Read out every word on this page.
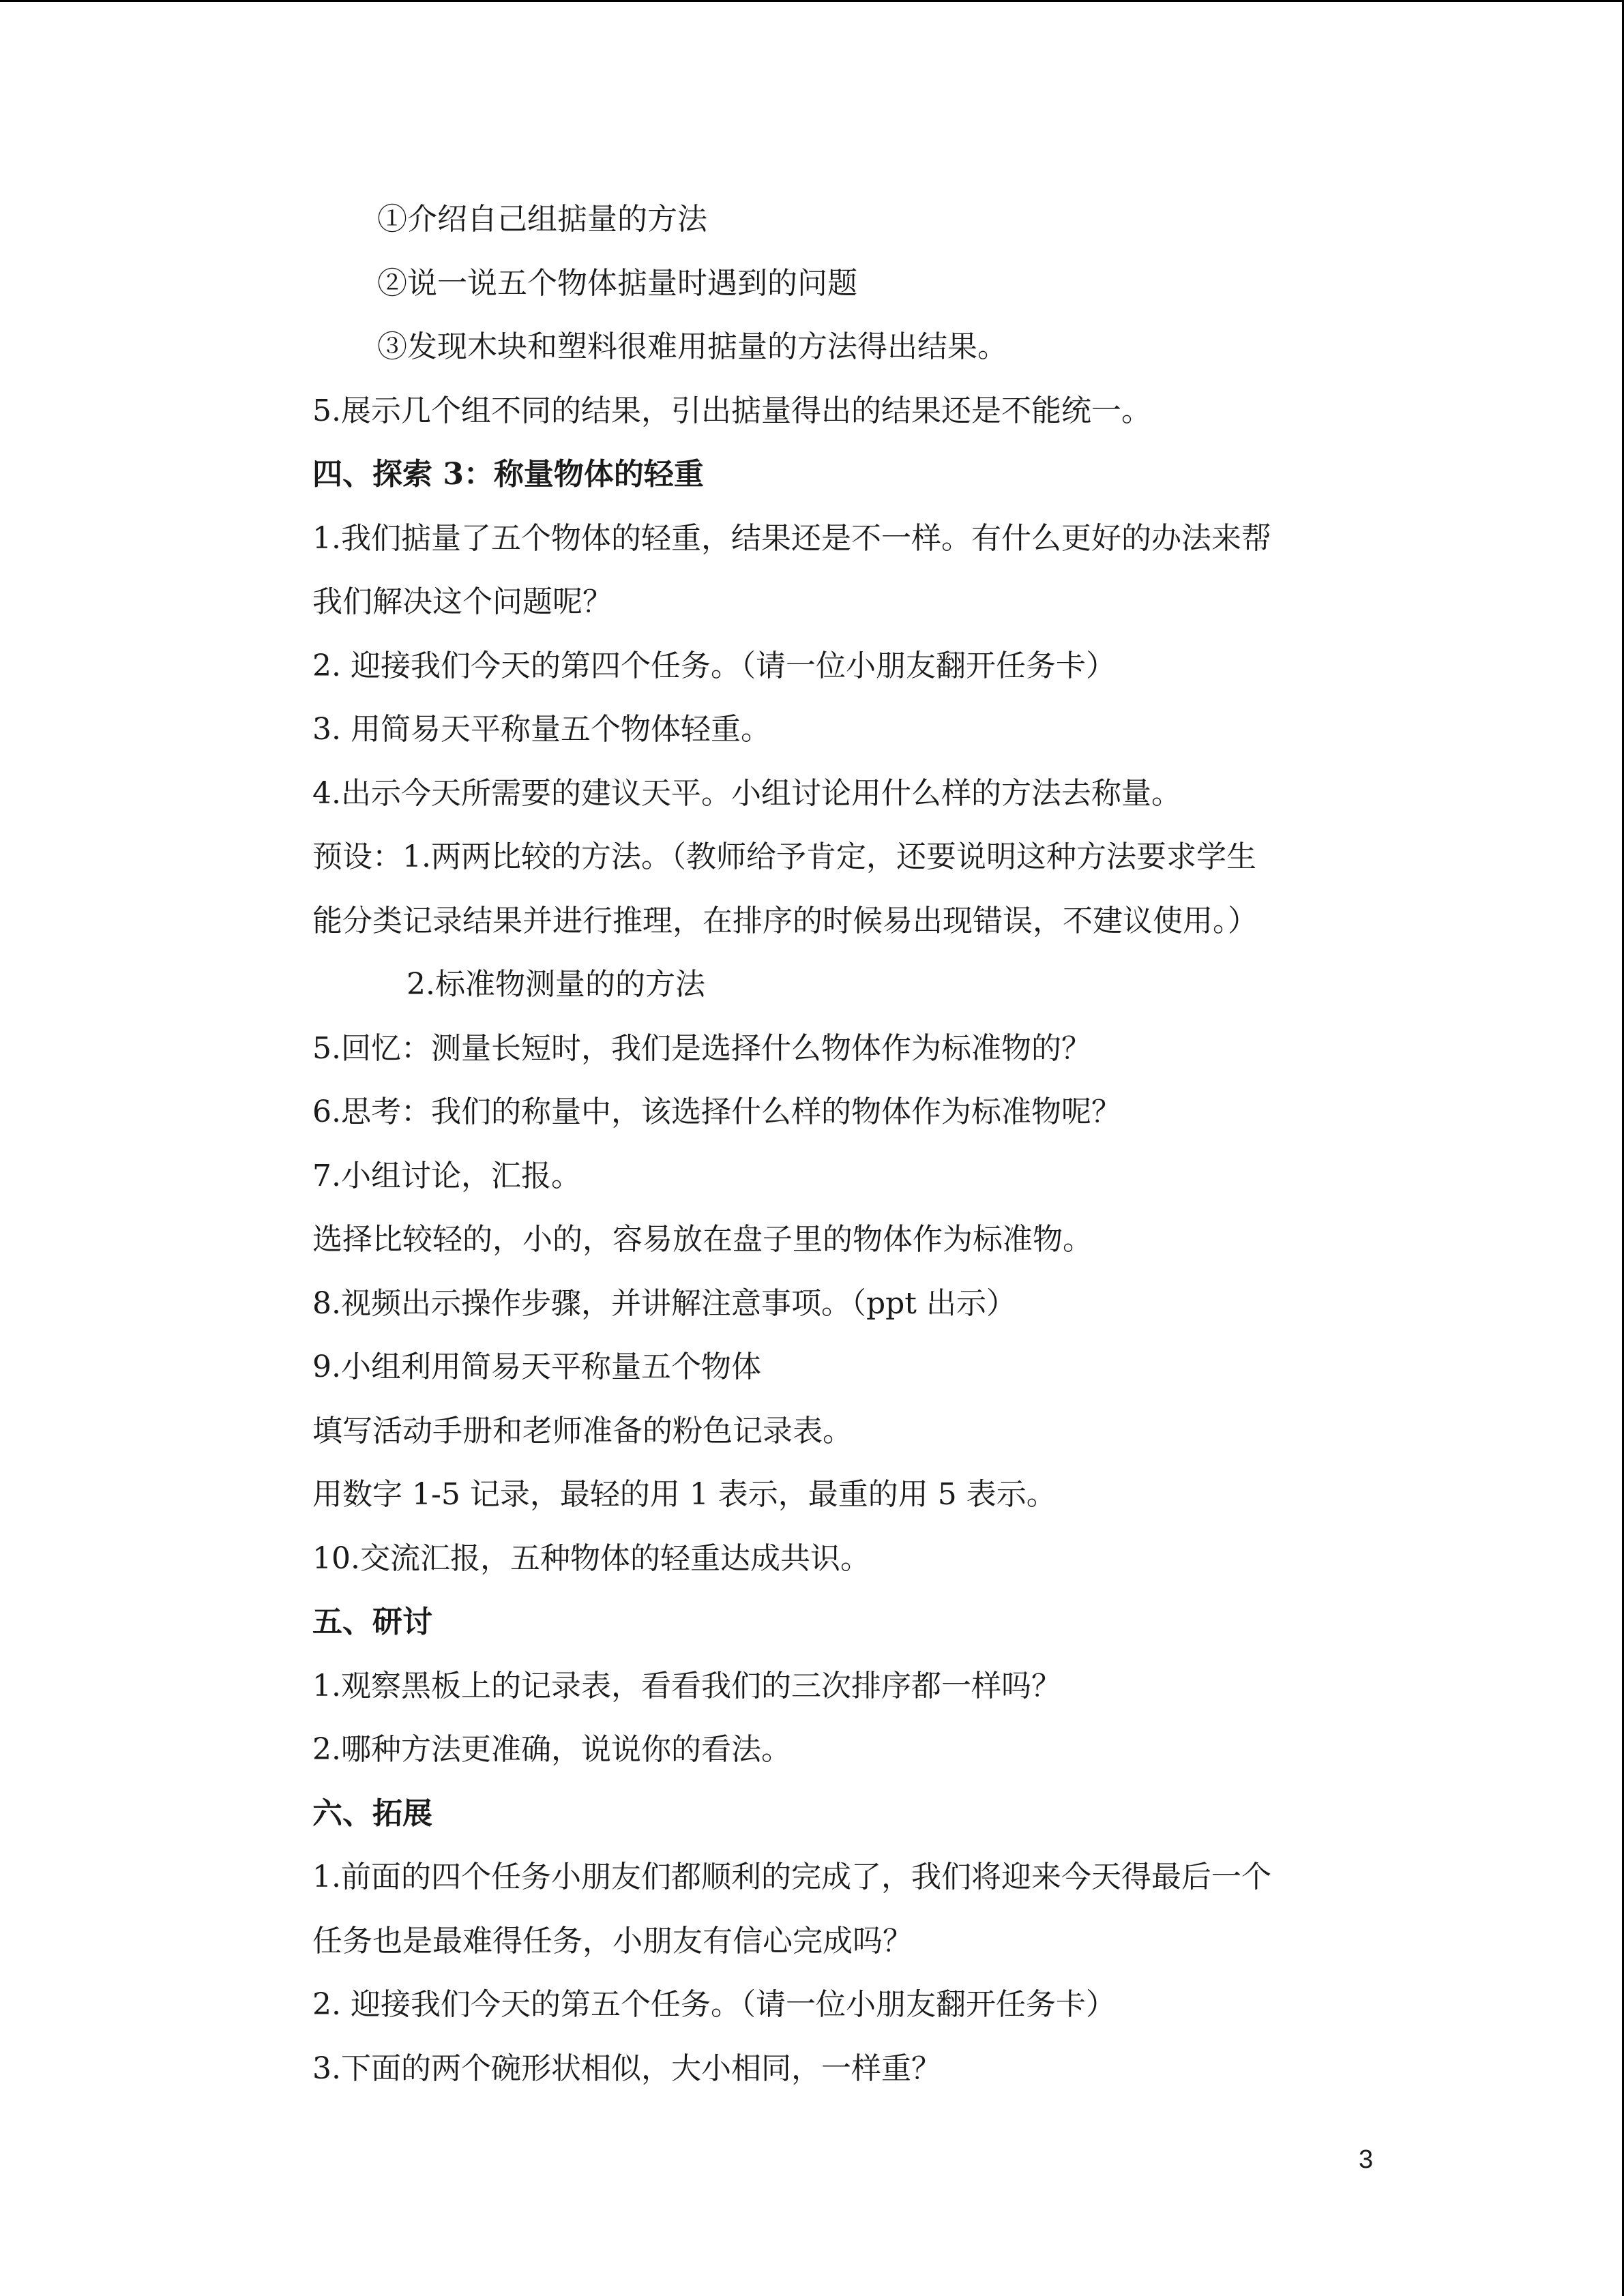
①介绍自己组掂量的方法
②说一说五个物体掂量时遇到的问题
③发现木块和塑料很难用掂量的方法得出结果。
5.展示几个组不同的结果，引出掂量得出的结果还是不能统一。
四、探索 3：称量物体的轻重
1.我们掂量了五个物体的轻重，结果还是不一样。有什么更好的办法来帮
我们解决这个问题呢？
2. 迎接我们今天的第四个任务。（请一位小朋友翻开任务卡）
3. 用简易天平称量五个物体轻重。
4.出示今天所需要的建议天平。小组讨论用什么样的方法去称量。
预设：1.两两比较的方法。（教师给予肯定，还要说明这种方法要求学生
能分类记录结果并进行推理，在排序的时候易出现错误，不建议使用。）
2.标准物测量的的方法
5.回忆：测量长短时，我们是选择什么物体作为标准物的？
6.思考：我们的称量中，该选择什么样的物体作为标准物呢？
7.小组讨论，汇报。
选择比较轻的，小的，容易放在盘子里的物体作为标准物。
8.视频出示操作步骤，并讲解注意事项。（ppt 出示）
9.小组利用简易天平称量五个物体
填写活动手册和老师准备的粉色记录表。
用数字 1-5 记录，最轻的用 1 表示，最重的用 5 表示。
10.交流汇报，五种物体的轻重达成共识。
五、研讨
1.观察黑板上的记录表，看看我们的三次排序都一样吗？
2.哪种方法更准确，说说你的看法。
六、拓展
1.前面的四个任务小朋友们都顺利的完成了，我们将迎来今天得最后一个
任务也是最难得任务，小朋友有信心完成吗？
2. 迎接我们今天的第五个任务。（请一位小朋友翻开任务卡）
3.下面的两个碗形状相似，大小相同，一样重？
3
